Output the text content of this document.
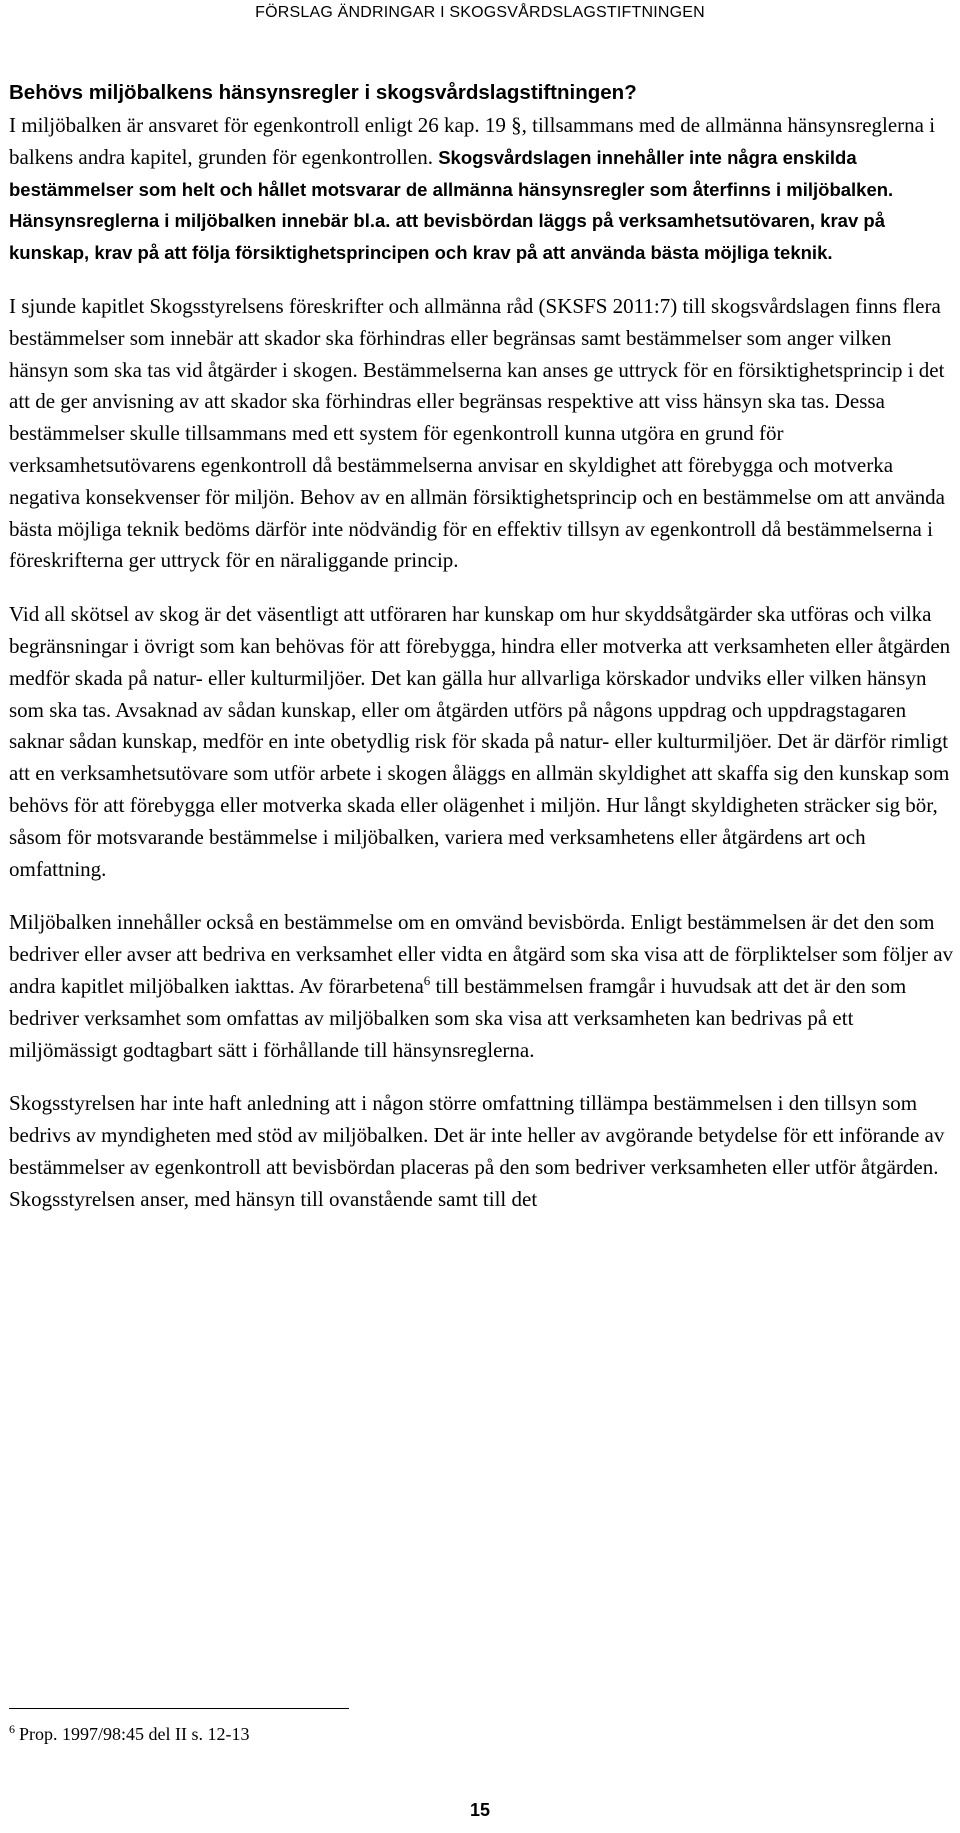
FÖRSLAG ÄNDRINGAR I SKOGSVÅRDSLAGSTIFTNINGEN
Behövs miljöbalkens hänsynsregler i skogsvårdslagstiftningen?

I miljöbalken är ansvaret för egenkontroll enligt 26 kap. 19 §, tillsammans med de allmänna hänsynsreglerna i balkens andra kapitel, grunden för egenkontrollen. Skogsvårdslagen innehåller inte några enskilda bestämmelser som helt och hållet motsvarar de allmänna hänsynsregler som återfinns i miljöbalken. Hänsynsreglerna i miljöbalken innebär bl.a. att bevisbördan läggs på verksamhetsutövaren, krav på kunskap, krav på att följa försiktighetsprincipen och krav på att använda bästa möjliga teknik.

I sjunde kapitlet Skogsstyrelsens föreskrifter och allmänna råd (SKSFS 2011:7) till skogsvårdslagen finns flera bestämmelser som innebär att skador ska förhindras eller begränsas samt bestämmelser som anger vilken hänsyn som ska tas vid åtgärder i skogen. Bestämmelserna kan anses ge uttryck för en försiktighetsprincip i det att de ger anvisning av att skador ska förhindras eller begränsas respektive att viss hänsyn ska tas. Dessa bestämmelser skulle tillsammans med ett system för egenkontroll kunna utgöra en grund för verksamhetsutövarens egenkontroll då bestämmelserna anvisar en skyldighet att förebygga och motverka negativa konsekvenser för miljön. Behov av en allmän försiktighetsprincip och en bestämmelse om att använda bästa möjliga teknik bedöms därför inte nödvändig för en effektiv tillsyn av egenkontroll då bestämmelserna i föreskrifterna ger uttryck för en näraliggande princip.

Vid all skötsel av skog är det väsentligt att utföraren har kunskap om hur skyddsåtgärder ska utföras och vilka begränsningar i övrigt som kan behövas för att förebygga, hindra eller motverka att verksamheten eller åtgärden medför skada på natur- eller kulturmiljöer. Det kan gälla hur allvarliga körskador undviks eller vilken hänsyn som ska tas. Avsaknad av sådan kunskap, eller om åtgärden utförs på någons uppdrag och uppdragstagaren saknar sådan kunskap, medför en inte obetydlig risk för skada på natur- eller kulturmiljöer. Det är därför rimligt att en verksamhetsutövare som utför arbete i skogen åläggs en allmän skyldighet att skaffa sig den kunskap som behövs för att förebygga eller motverka skada eller olägenhet i miljön. Hur långt skyldigheten sträcker sig bör, såsom för motsvarande bestämmelse i miljöbalken, variera med verksamhetens eller åtgärdens art och omfattning.

Miljöbalken innehåller också en bestämmelse om en omvänd bevisbörda. Enligt bestämmelsen är det den som bedriver eller avser att bedriva en verksamhet eller vidta en åtgärd som ska visa att de förpliktelser som följer av andra kapitlet miljöbalken iakttas. Av förarbetena$^6$ till bestämmelsen framgår i huvudsak att det är den som bedriver verksamhet som omfattas av miljöbalken som ska visa att verksamheten kan bedrivas på ett miljömässigt godtagbart sätt i förhållande till hänsynsreglerna.

Skogsstyrelsen har inte haft anledning att i någon större omfattning tillämpa bestämmelsen i den tillsyn som bedrivs av myndigheten med stöd av miljöbalken. Det är inte heller av avgörande betydelse för ett införande av bestämmelser av egenkontroll att bevisbördan placeras på den som bedriver verksamheten eller utför åtgärden. Skogsstyrelsen anser, med hänsyn till ovanstående samt till det

$^6$ Prop. 1997/98:45 del II s. 12-13
15
